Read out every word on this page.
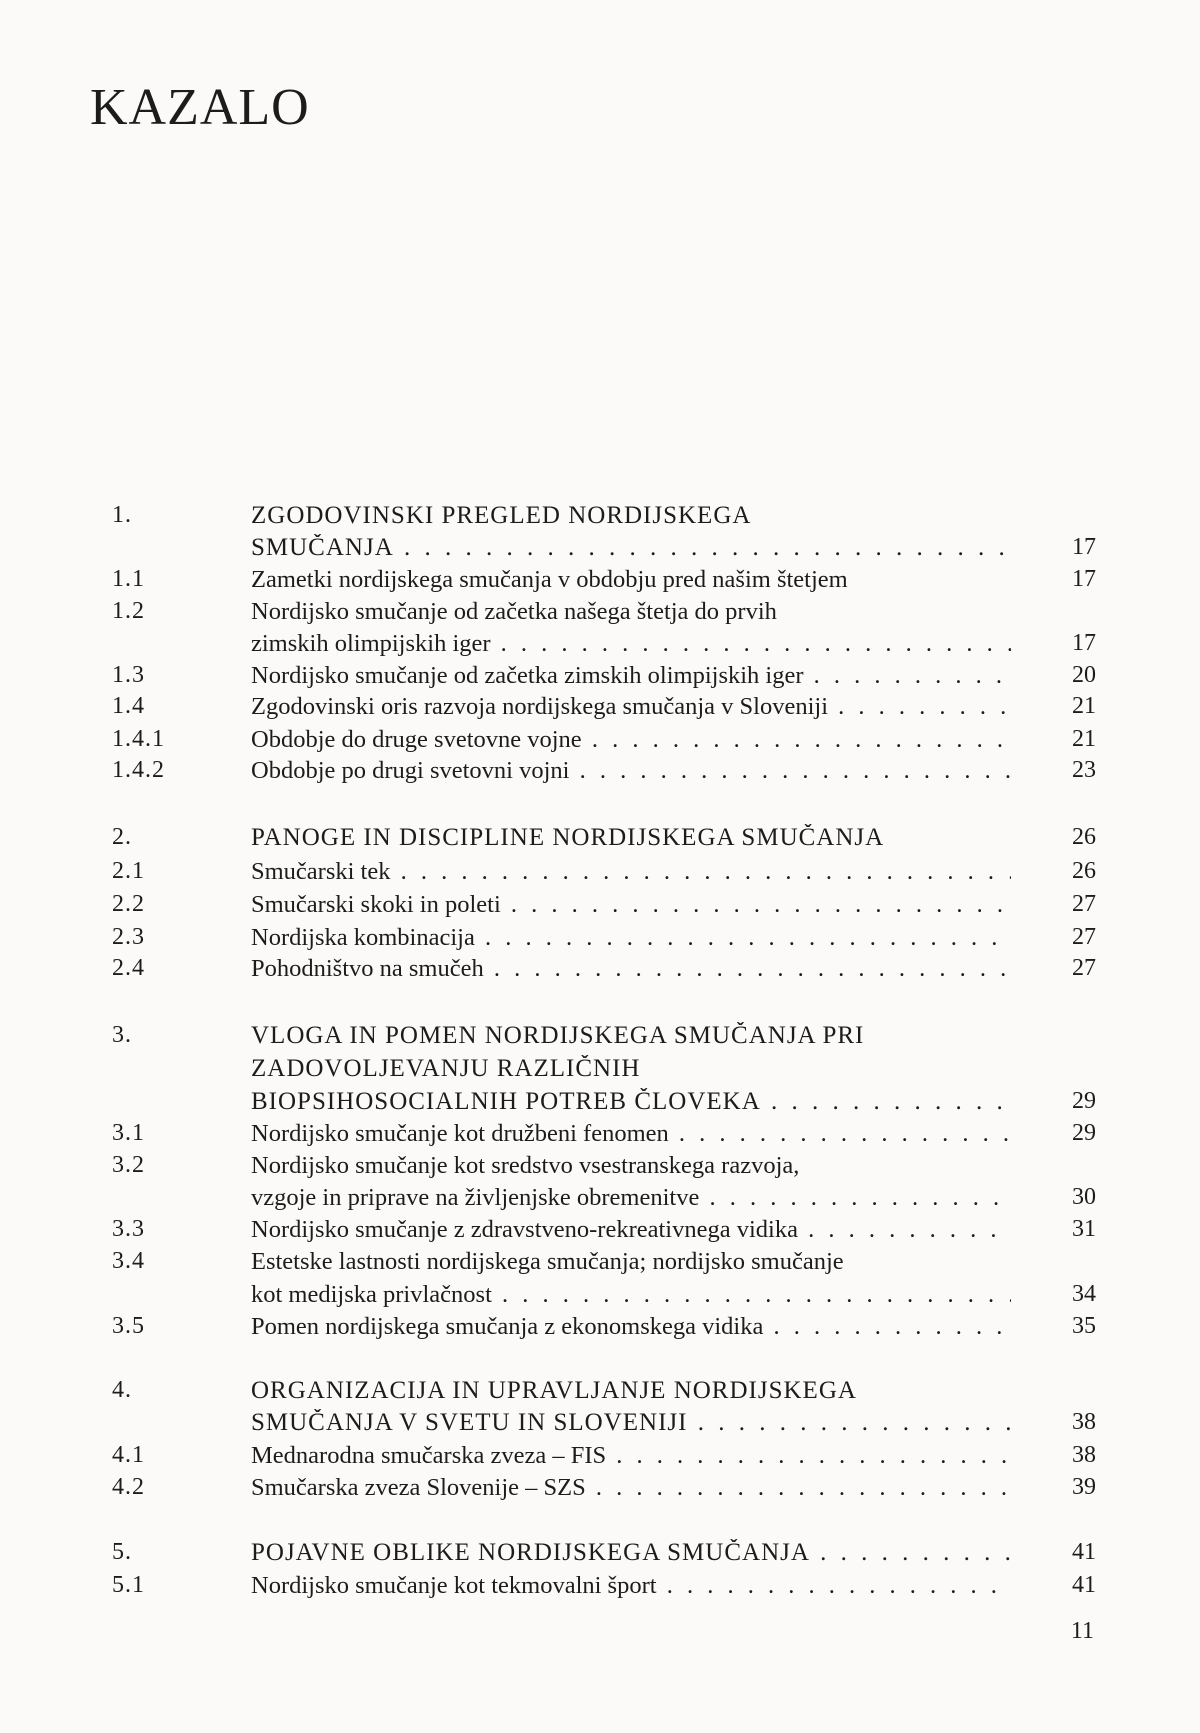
KAZALO
1.	ZGODOVINSKI PREGLED NORDIJSKEGA
SMUČANJA . . .	17
1.1	Zametki nordijskega smučanja v obdobju pred našim štetjem	17
1.2	Nordijsko smučanje od začetka našega štetja do prvih
zimskih olimpijskih iger . . .	17
1.3	Nordijsko smučanje od začetka zimskih olimpijskih iger . . .	20
1.4	Zgodovinski oris razvoja nordijskega smučanja v Sloveniji . . .	21
1.4.1	Obdobje do druge svetovne vojne . . .	21
1.4.2	Obdobje po drugi svetovni vojni . . .	23
2.	PANOGE IN DISCIPLINE NORDIJSKEGA SMUČANJA	26
2.1	Smučarski tek . . .	26
2.2	Smučarski skoki in poleti . . .	27
2.3	Nordijska kombinacija . . .	27
2.4	Pohodništvo na smučeh . . .	27
3.	VLOGA IN POMEN NORDIJSKEGA SMUČANJA PRI
ZADOVOLJEVANJU RAZLIČNIH
BIOPSIHOSOCIALNIH POTREB ČLOVEKA . . .	29
3.1	Nordijsko smučanje kot družbeni fenomen . . .	29
3.2	Nordijsko smučanje kot sredstvo vsestranskega razvoja,
vzgoje in priprave na življenjske obremenitve . . .	30
3.3	Nordijsko smučanje z zdravstveno-rekreativnega vidika . . .	31
3.4	Estetske lastnosti nordijskega smučanja; nordijsko smučanje
kot medijska privlačnost . . .	34
3.5	Pomen nordijskega smučanja z ekonomskega vidika . . .	35
4.	ORGANIZACIJA IN UPRAVLJANJE NORDIJSKEGA
SMUČANJA V SVETU IN SLOVENIJI . . .	38
4.1	Mednarodna smučarska zveza – FIS . . .	38
4.2	Smučarska zveza Slovenije – SZS . . .	39
5.	POJAVNE OBLIKE NORDIJSKEGA SMUČANJA . . .	41
5.1	Nordijsko smučanje kot tekmovalni šport . . .	41
11
